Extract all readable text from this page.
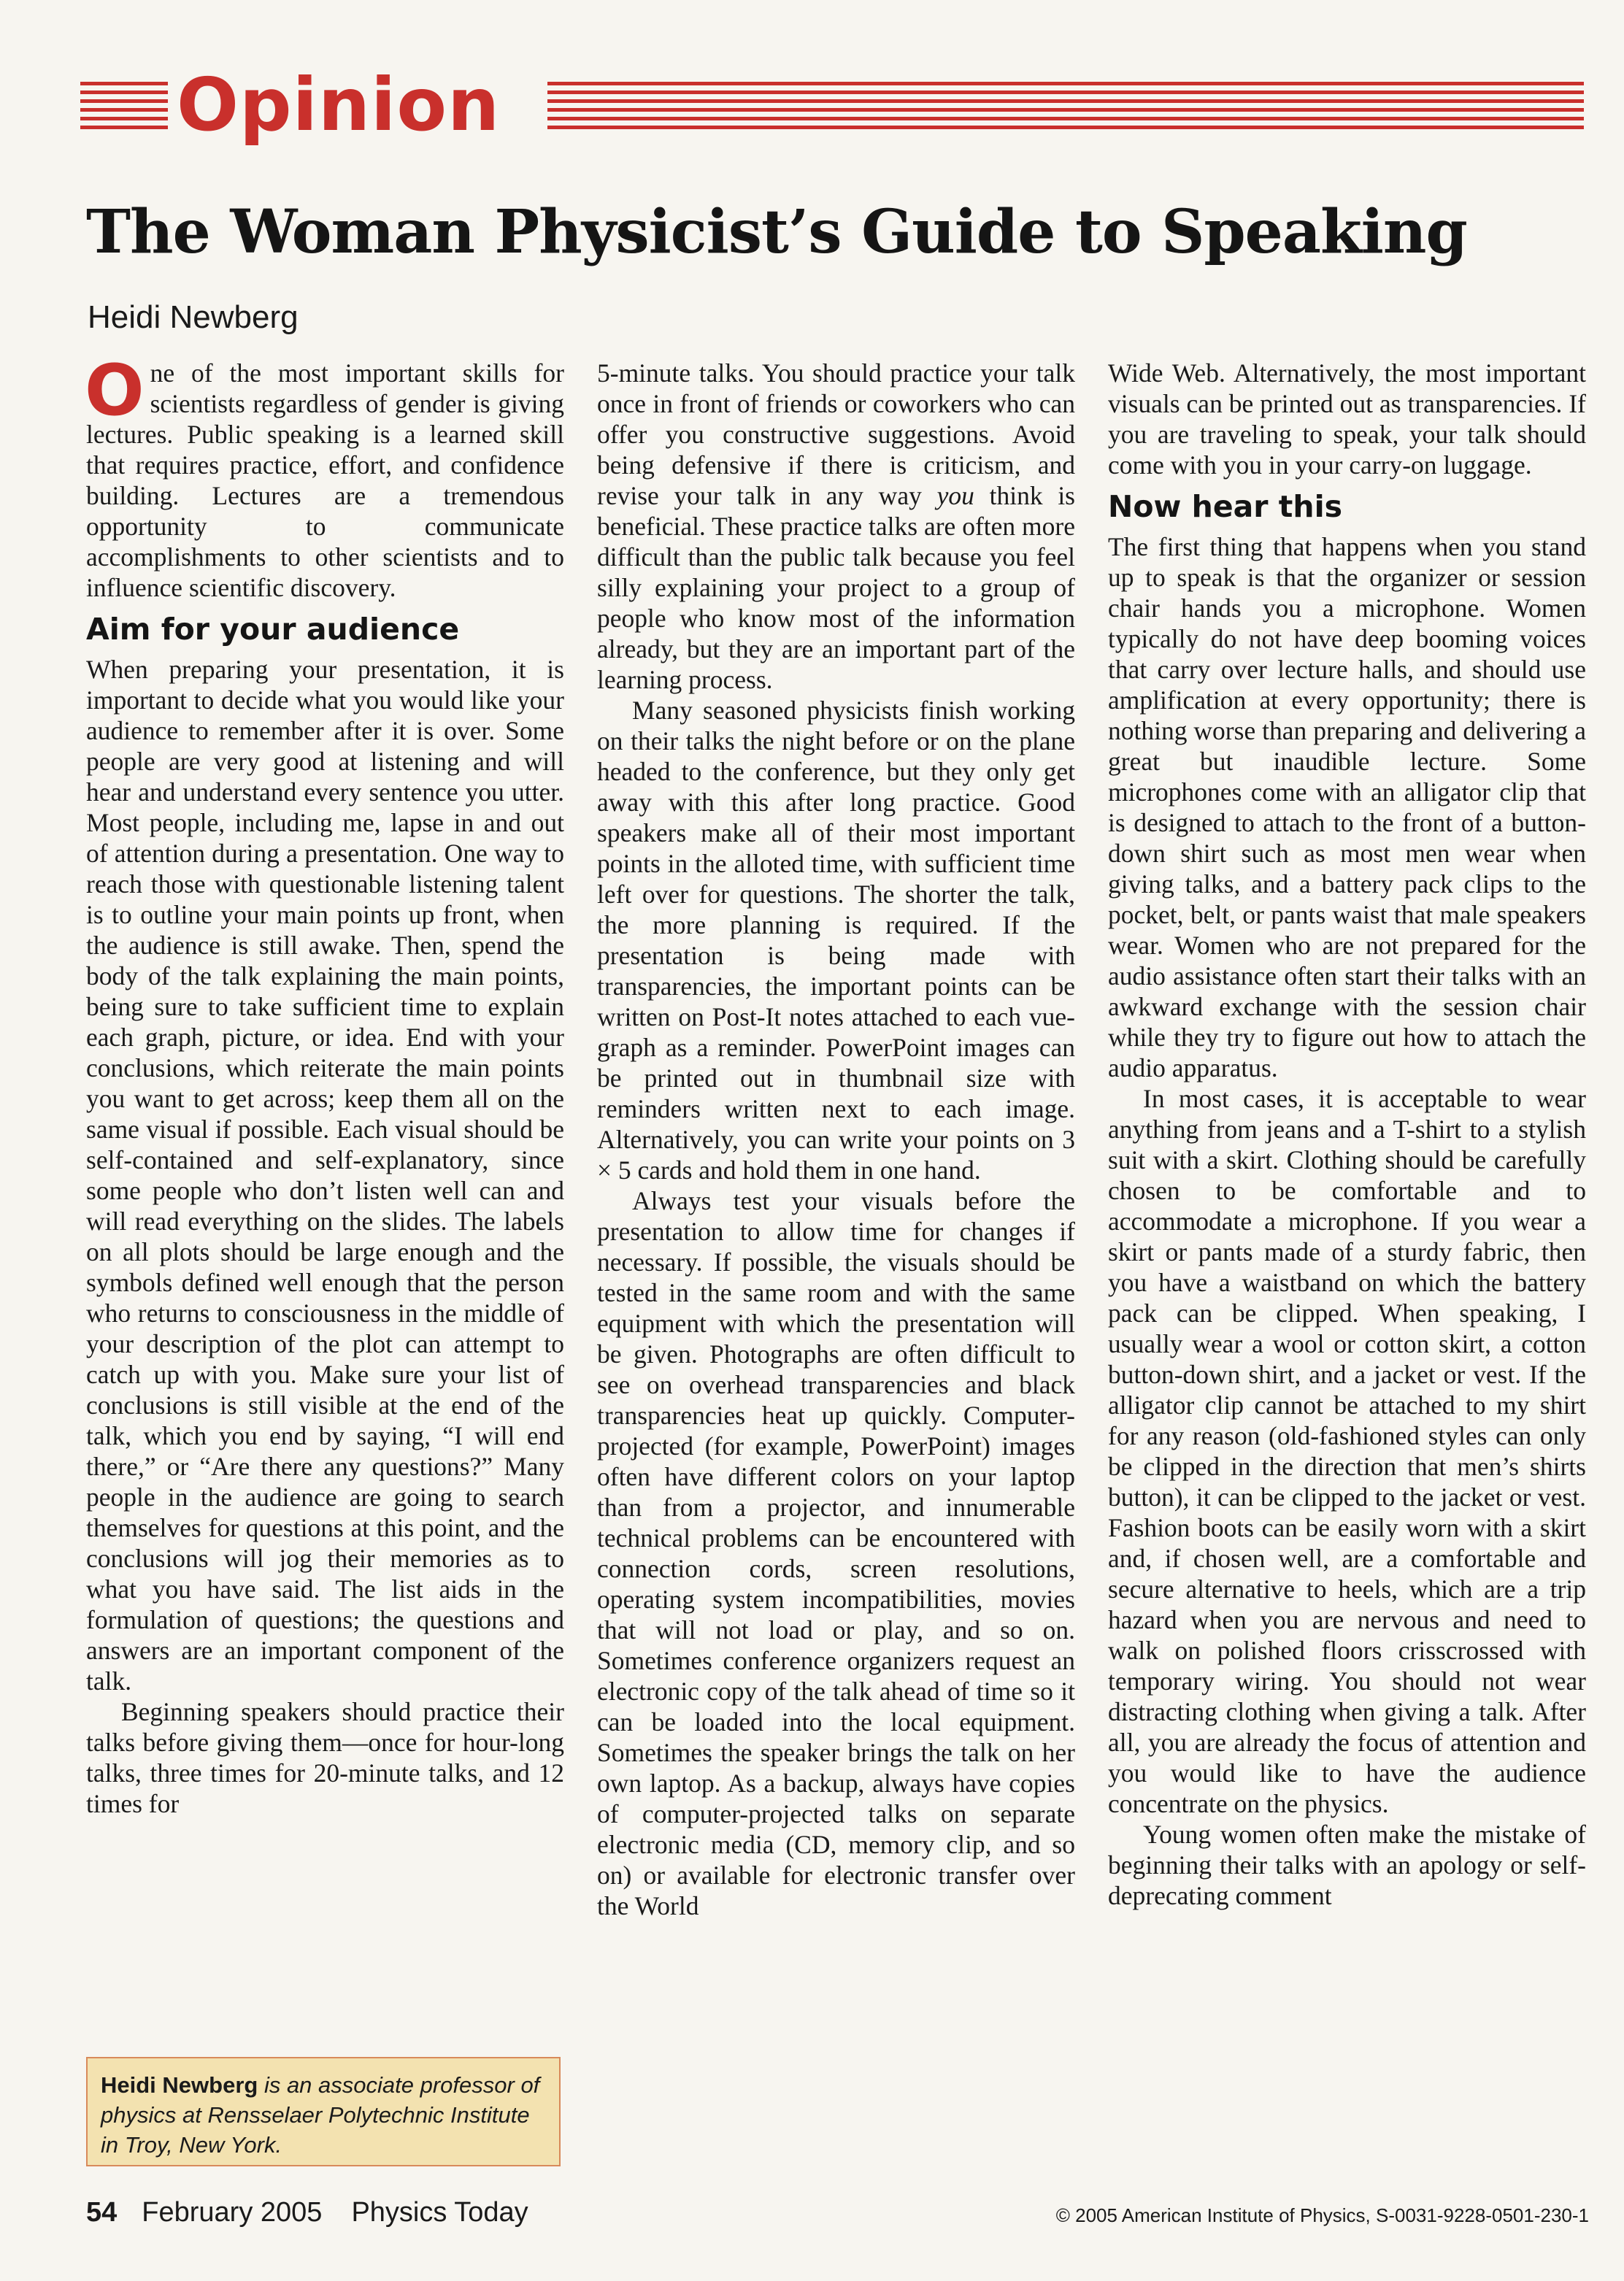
Opinion
The Woman Physicist’s Guide to Speaking
Heidi Newberg

One of the most important skills for scientists regardless of gender is giving lectures. Public speaking is a learned skill that requires practice, effort, and confidence building. Lectures are a tremendous opportunity to communicate accomplishments to other scientists and to influence scientific discovery.

Aim for your audience

When preparing your presentation, it is important to decide what you would like your audience to remember after it is over. Some people are very good at listening and will hear and understand every sentence you utter. Most people, including me, lapse in and out of attention during a presentation. One way to reach those with questionable listening talent is to outline your main points up front, when the audience is still awake. Then, spend the body of the talk explaining the main points, being sure to take sufficient time to explain each graph, picture, or idea. End with your conclusions, which reiterate the main points you want to get across; keep them all on the same visual if possible. Each visual should be self-contained and self-explanatory, since some people who don’t listen well can and will read everything on the slides. The labels on all plots should be large enough and the symbols defined well enough that the person who returns to consciousness in the middle of your description of the plot can attempt to catch up with you. Make sure your list of conclusions is still visible at the end of the talk, which you end by saying, “I will end there,” or “Are there any questions?” Many people in the audience are going to search themselves for questions at this point, and the conclusions will jog their memories as to what you have said. The list aids in the formulation of questions; the questions and answers are an important component of the talk.

Beginning speakers should practice their talks before giving them—once for hour-long talks, three times for 20-minute talks, and 12 times for

5-minute talks. You should practice your talk once in front of friends or coworkers who can offer you constructive suggestions. Avoid being defensive if there is criticism, and revise your talk in any way you think is beneficial. These practice talks are often more difficult than the public talk because you feel silly explaining your project to a group of people who know most of the information already, but they are an important part of the learning process.

Many seasoned physicists finish working on their talks the night before or on the plane headed to the conference, but they only get away with this after long practice. Good speakers make all of their most important points in the alloted time, with sufficient time left over for questions. The shorter the talk, the more planning is required. If the presentation is being made with transparencies, the important points can be written on Post-It notes attached to each vue-graph as a reminder. PowerPoint images can be printed out in thumbnail size with reminders written next to each image. Alternatively, you can write your points on 3 × 5 cards and hold them in one hand.

Always test your visuals before the presentation to allow time for changes if necessary. If possible, the visuals should be tested in the same room and with the same equipment with which the presentation will be given. Photographs are often difficult to see on overhead transparencies and black transparencies heat up quickly. Computer-projected (for example, PowerPoint) images often have different colors on your laptop than from a projector, and innumerable technical problems can be encountered with connection cords, screen resolutions, operating system incompatibilities, movies that will not load or play, and so on. Sometimes conference organizers request an electronic copy of the talk ahead of time so it can be loaded into the local equipment. Sometimes the speaker brings the talk on her own laptop. As a backup, always have copies of computer-projected talks on separate electronic media (CD, memory clip, and so on) or available for electronic transfer over the World

Wide Web. Alternatively, the most important visuals can be printed out as transparencies. If you are traveling to speak, your talk should come with you in your carry-on luggage.

Now hear this

The first thing that happens when you stand up to speak is that the organizer or session chair hands you a microphone. Women typically do not have deep booming voices that carry over lecture halls, and should use amplification at every opportunity; there is nothing worse than preparing and delivering a great but inaudible lecture. Some microphones come with an alligator clip that is designed to attach to the front of a button-down shirt such as most men wear when giving talks, and a battery pack clips to the pocket, belt, or pants waist that male speakers wear. Women who are not prepared for the audio assistance often start their talks with an awkward exchange with the session chair while they try to figure out how to attach the audio apparatus.

In most cases, it is acceptable to wear anything from jeans and a T-shirt to a stylish suit with a skirt. Clothing should be carefully chosen to be comfortable and to accommodate a microphone. If you wear a skirt or pants made of a sturdy fabric, then you have a waistband on which the battery pack can be clipped. When speaking, I usually wear a wool or cotton skirt, a cotton button-down shirt, and a jacket or vest. If the alligator clip cannot be attached to my shirt for any reason (old-fashioned styles can only be clipped in the direction that men’s shirts button), it can be clipped to the jacket or vest. Fashion boots can be easily worn with a skirt and, if chosen well, are a comfortable and secure alternative to heels, which are a trip hazard when you are nervous and need to walk on polished floors crisscrossed with temporary wiring. You should not wear distracting clothing when giving a talk. After all, you are already the focus of attention and you would like to have the audience concentrate on the physics.

Young women often make the mistake of beginning their talks with an apology or self-deprecating comment

Heidi Newberg is an associate professor of physics at Rensselaer Polytechnic Institute in Troy, New York.
54 February 2005 Physics Today	© 2005 American Institute of Physics, S-0031-9228-0501-230-1
